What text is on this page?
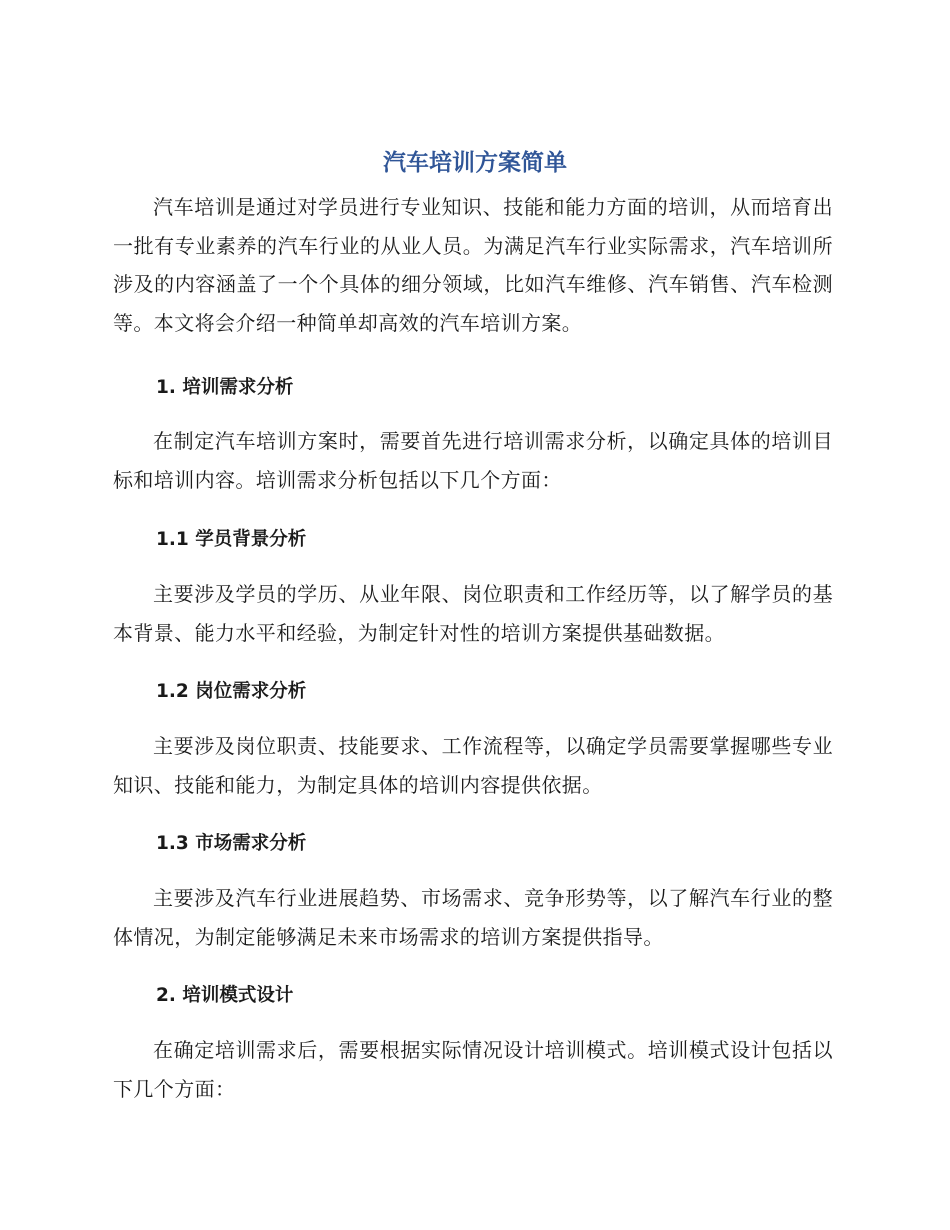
汽车培训方案简单

汽车培训是通过对学员进行专业知识、技能和能力方面的培训，从而培育出一批有专业素养的汽车行业的从业人员。为满足汽车行业实际需求，汽车培训所涉及的内容涵盖了一个个具体的细分领域，比如汽车维修、汽车销售、汽车检测等。本文将会介绍一种简单却高效的汽车培训方案。

1. 培训需求分析

在制定汽车培训方案时，需要首先进行培训需求分析，以确定具体的培训目标和培训内容。培训需求分析包括以下几个方面：

1.1 学员背景分析

主要涉及学员的学历、从业年限、岗位职责和工作经历等，以了解学员的基本背景、能力水平和经验，为制定针对性的培训方案提供基础数据。

1.2 岗位需求分析

主要涉及岗位职责、技能要求、工作流程等，以确定学员需要掌握哪些专业知识、技能和能力，为制定具体的培训内容提供依据。

1.3 市场需求分析

主要涉及汽车行业进展趋势、市场需求、竞争形势等，以了解汽车行业的整体情况，为制定能够满足未来市场需求的培训方案提供指导。

2. 培训模式设计

在确定培训需求后，需要根据实际情况设计培训模式。培训模式设计包括以下几个方面：
